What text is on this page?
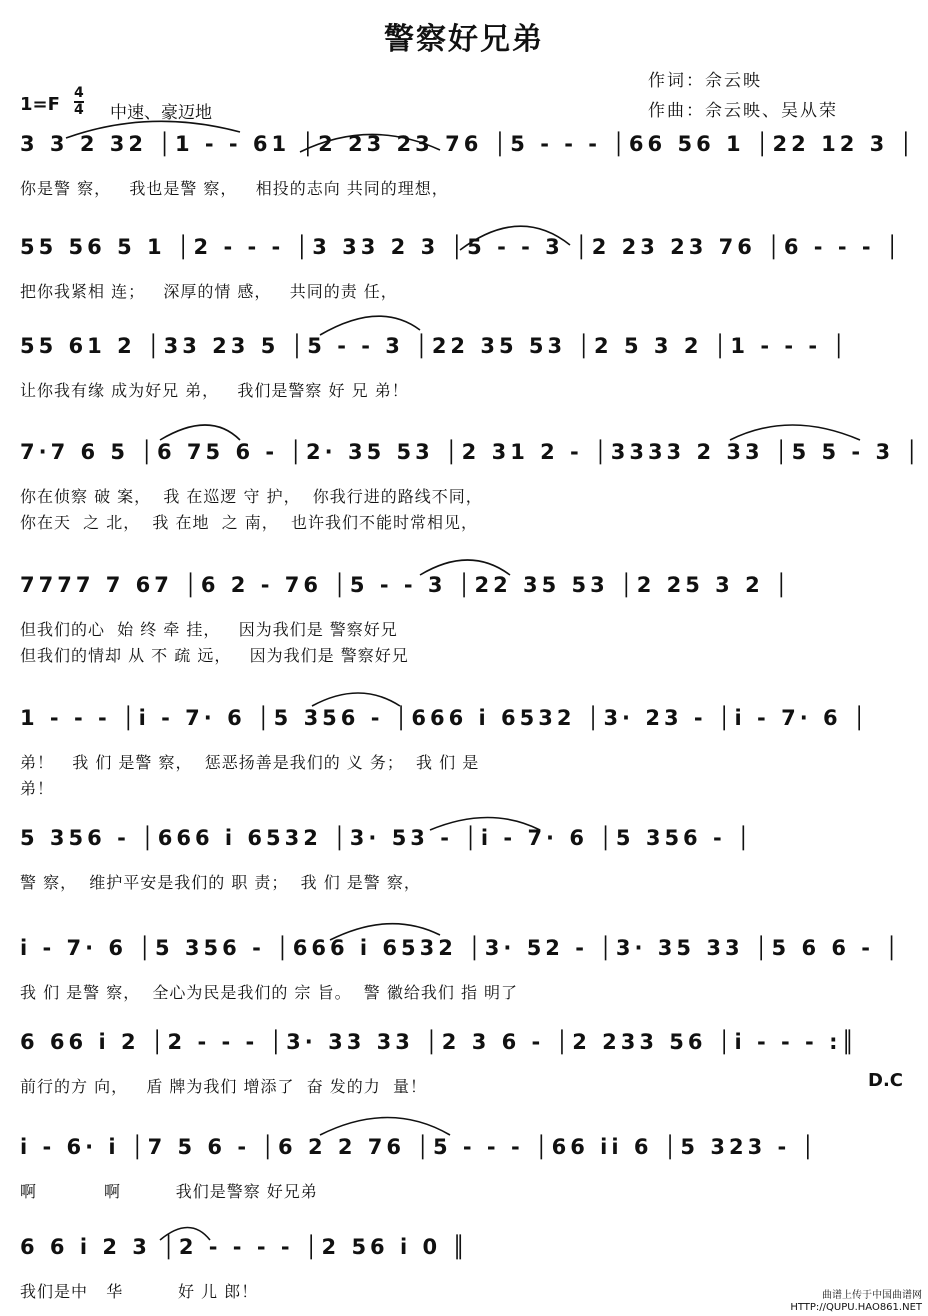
警察好兄弟
作词：佘云映
作曲：佘云映、吴从荣
1=F
4
4 中速、豪迈地
3 3 2 32 │1 - - 61 │2 23 23 76 │5 - - - │66 56 1 │22 12 3 │
你是警 察，   我也是警 察，   相投的志向 共同的理想，
55 56 5 1 │2 - - - │3 33 2 3 │5 - - 3 │2 23 23 76 │6 - - - │
把你我紧相 连；   深厚的情 感，   共同的责 任，
55 61 2 │33 23 5 │5 - - 3 │22 35 53 │2 5 3 2 │1 - - - │
让你我有缘 成为好兄 弟，   我们是警察 好 兄 弟！
7·7 6 5 │6 75 6 - │2· 35 53 │2 31 2 - │3333 2 33 │5 5 - 3 │
你在侦察 破 案，  我 在巡逻 守 护，  你我行进的路线不同，
你在天  之 北，  我 在地  之 南，  也许我们不能时常相见，
7777 7 67 │6 2 - 76 │5 - - 3 │22 35 53 │2 25 3 2 │
但我们的心  始 终 牵 挂，   因为我们是 警察好兄
但我们的情却 从 不 疏 远，   因为我们是 警察好兄
1 - - - │i - 7· 6 │5 356 - │666 i 6532 │3· 23 - │i - 7· 6 │
弟！   我 们 是警 察，  惩恶扬善是我们的 义 务；  我 们 是
弟！
5 356 - │666 i 6532 │3· 53 - │i - 7· 6 │5 356 - │
警 察，  维护平安是我们的 职 责；  我 们 是警 察，
i - 7· 6 │5 356 - │666 i 6532 │3· 52 - │3· 35 33 │5 6 6 - │
我 们 是警 察，  全心为民是我们的 宗 旨。  警 徽给我们 指 明了
6 66 i 2 │2 - - - │3· 33 33 │2 3 6 - │2 233 56 │i - - - :║
前行的方 向，   盾 牌为我们 增添了  奋 发的力  量！
i - 6· i │7 5 6 - │6 2 2 76 │5 - - - │66 ii 6 │5 323 - │
啊           啊         我们是警察 好兄弟
6 6 i 2 3 │2 - - - - │2 56 i 0 ║
我们是中   华         好 儿 郎！
D.C
曲谱上传于中国曲谱网
HTTP://QUPU.HAO861.NET
